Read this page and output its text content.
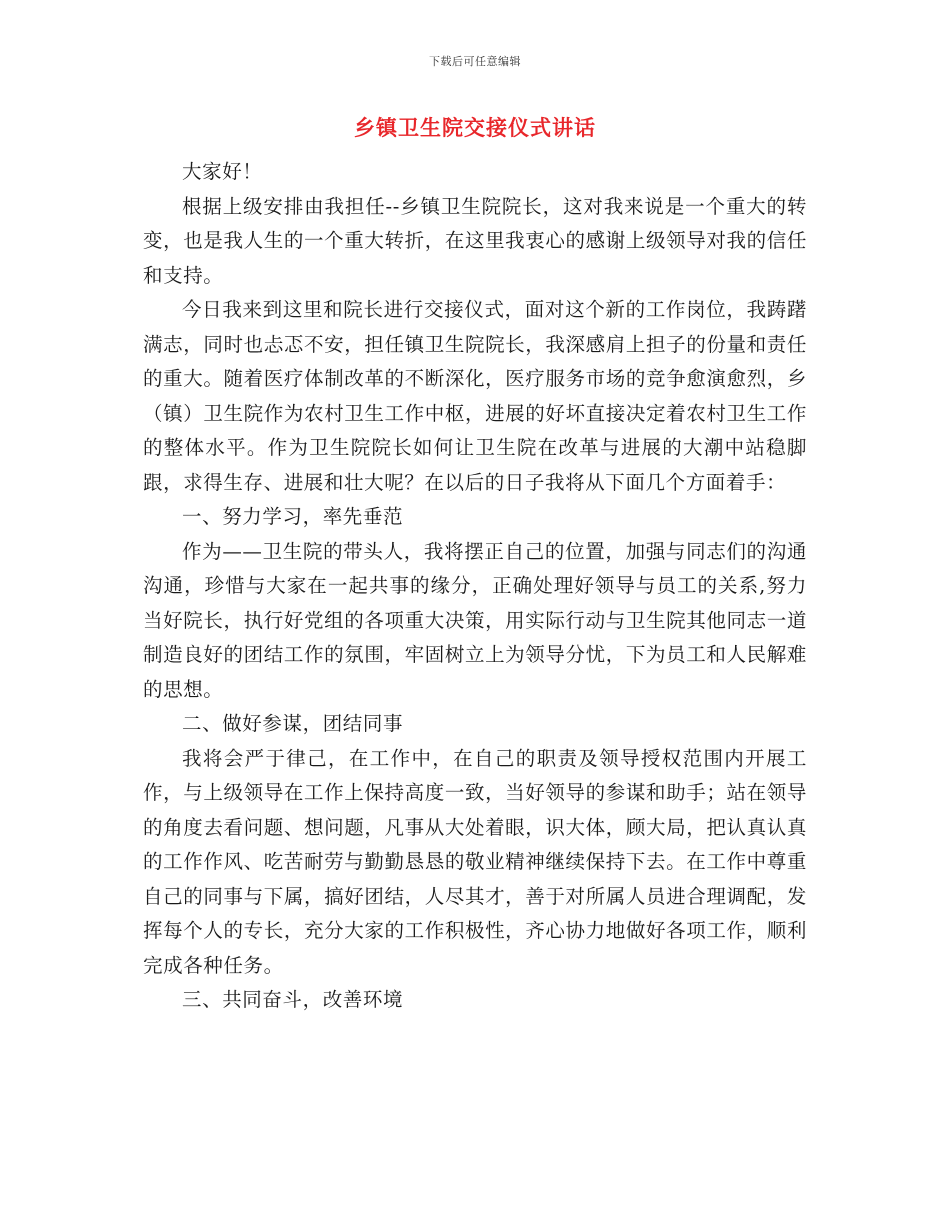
下载后可任意编辑
乡镇卫生院交接仪式讲话

大家好！

根据上级安排由我担任--乡镇卫生院院长，这对我来说是一个重大的转变，也是我人生的一个重大转折，在这里我衷心的感谢上级领导对我的信任和支持。

今日我来到这里和院长进行交接仪式，面对这个新的工作岗位，我踌躇满志，同时也忐忑不安，担任镇卫生院院长，我深感肩上担子的份量和责任的重大。随着医疗体制改革的不断深化，医疗服务市场的竞争愈演愈烈，乡（镇）卫生院作为农村卫生工作中枢，进展的好坏直接决定着农村卫生工作的整体水平。作为卫生院院长如何让卫生院在改革与进展的大潮中站稳脚跟，求得生存、进展和壮大呢？在以后的日子我将从下面几个方面着手：

一、努力学习，率先垂范

作为——卫生院的带头人，我将摆正自己的位置，加强与同志们的沟通沟通，珍惜与大家在一起共事的缘分，正确处理好领导与员工的关系,努力当好院长，执行好党组的各项重大决策，用实际行动与卫生院其他同志一道制造良好的团结工作的氛围，牢固树立上为领导分忧，下为员工和人民解难的思想。

二、做好参谋，团结同事

我将会严于律己，在工作中，在自己的职责及领导授权范围内开展工作，与上级领导在工作上保持高度一致，当好领导的参谋和助手；站在领导的角度去看问题、想问题，凡事从大处着眼，识大体，顾大局，把认真认真的工作作风、吃苦耐劳与勤勤恳恳的敬业精神继续保持下去。在工作中尊重自己的同事与下属，搞好团结，人尽其才，善于对所属人员进合理调配，发挥每个人的专长，充分大家的工作积极性，齐心协力地做好各项工作，顺利完成各种任务。

三、共同奋斗，改善环境
